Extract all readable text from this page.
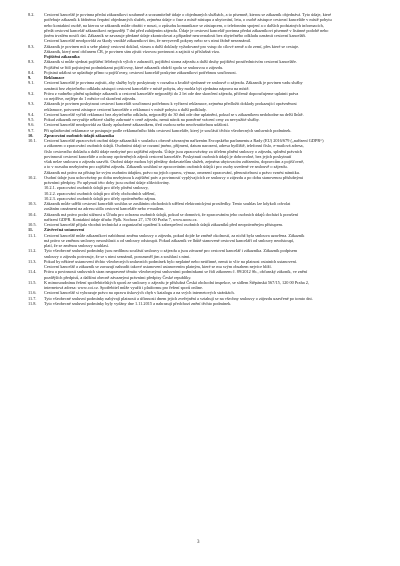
8.2. Cestovní kancelář je povinna předat zákazníkovi souhrnně a srozumitelně údaje o objednaných službách, a to písemně, kterou se zákazník objednává. Tyto údaje, které
potřebuje zákazník k řádnému čerpání objednaných služeb, zejména údaje o čase a místě nástupu a ubytování, letu, o osobě zástupce cestovní kanceláře v místě pobytu
nebo kontaktní osobě, na kterou se zákazník může obrátit v nouzi, o způsobu komunikace se zástupcem, o telefonním spojení a o dalších podstatných informacích,
předá cestovní kancelář zákazníkovi nejpozději 7 dní před zahájením zájezdu. Údaje je cestovní kancelář povinna předat zákazníkovi písemně v listinné podobě nebo
jiném trvalém nosiči dat. Zákazník se zavazuje předané údaje zkontrolovat a případné nesrovnalosti bez zbytečného odkladu oznámit cestovní kanceláři.
Cestovní kancelář neodpovídá za škody vzniklé zákazníkovi tím, že nevyzvedl pokyny nebo se s nimi řádně neseznámil.
8.3. Zákazník je povinen mít u sebe platný cestovní doklad, vízum a další doklady vyžadované pro vstup do cílové země a do zemí, přes které se cestuje.
Zákazník, který není občanem ČR, je povinen sám zjistit vízovou povinnost a zajistit si příslušná víza.
Pojištění zákazníka
8.3. Zákazník si může sjednat pojištění léčebných výloh v zahraničí, pojištění storna zájezdu a další druhy pojištění prostřednictvím cestovní kanceláře.
Pojištění se řídí pojistnými podmínkami pojišťovny, které zákazník obdrží spolu se smlouvou o zájezdu.
8.4. Pojistná událost se uplatňuje přímo u pojišťovny, cestovní kancelář poskytne zákazníkovi potřebnou součinnost.
9.	Reklamace
9.1. Cestovní kancelář je povinna zajistit, aby služby byly poskytnuty v rozsahu a kvalitě sjednané ve smlouvě o zájezdu. Zákazník je povinen vadu služby
oznámit bez zbytečného odkladu zástupci cestovní kanceláře v místě pobytu, aby mohla být zjednána náprava na místě.
9.2. Práva z vadného plnění uplatňuje zákazník u cestovní kanceláře nejpozději do 2 let ode dne skončení zájezdu, přičemž doporučujeme uplatnit práva
co nejdříve, nejlépe do 1 měsíce od skončení zájezdu.
9.3. Zákazník je povinen poskytnout cestovní kanceláři součinnost potřebnou k vyřízení reklamace, zejména předložit doklady prokazující oprávněnost
reklamace, potvrzení zástupce cestovní kanceláře o reklamaci v místě pobytu a další podklady.
9.4. Cestovní kancelář vyřídí reklamaci bez zbytečného odkladu, nejpozději do 30 dnů ode dne uplatnění, pokud se s zákazníkem nedohodne na delší lhůtě.
9.5. Pokud zákazník nevyužije některé služby zahrnuté v ceně zájezdu, nemá nárok na poměrné vrácení ceny za nevyužité služby.
9.6. Cestovní kancelář neodpovídá za škody způsobené zákazníkem, třetí osobou nebo neodvratitelnou událostí.
9.7. Při uplatňování reklamace se postupuje podle reklamačního řádu cestovní kanceláře, který je součástí těchto všeobecných smluvních podmínek.
10. Zpracování osobních údajů zákazníka
10.1. Cestovní kancelář zpracovává osobní údaje zákazníků v souladu s obecně závazným nařízením Evropského parlamentu a Rady (EU) 2016/679 („nařízení GDPR“)
a zákonem o zpracování osobních údajů. Osobními údaji se rozumí jméno, příjmení, datum narození, adresa bydliště, telefonní číslo, e-mailová adresa,
číslo cestovního dokladu a další údaje nezbytné pro zajištění zájezdu. Údaje jsou zpracovávány za účelem plnění smlouvy o zájezdu, splnění právních
povinností cestovní kanceláře a ochrany oprávněných zájmů cestovní kanceláře. Poskytnutí osobních údajů je dobrovolné, bez jejich poskytnutí
však nelze smlouvu o zájezdu uzavřít. Osobní údaje mohou být předány dodavatelům služeb, zejména ubytovacím zařízením, dopravcům a pojišťovně,
a to v rozsahu nezbytném pro zajištění zájezdu. Zákazník souhlasí se zpracováním osobních údajů i pro osoby uvedené ve smlouvě o zájezdu.
Zákazník má právo na přístup ke svým osobním údajům, právo na jejich opravu, výmaz, omezení zpracování, přenositelnost a právo vznést námitku.
10.2. Osobní údaje jsou uchovávány po dobu nezbytnou k zajištění práv a povinností vyplývajících ze smlouvy o zájezdu a po dobu stanovenou příslušnými
právními předpisy. Po uplynutí této doby jsou osobní údaje zlikvidovány.
10.2.1. zpracování osobních údajů pro účely plnění smlouvy,
10.2.2. zpracování osobních údajů pro účely obchodních sdělení,
10.2.3. zpracování osobních údajů pro účely oprávněného zájmu.
10.3. Zákazník může udělit cestovní kanceláři souhlas se zasíláním obchodních sdělení elektronickými prostředky. Tento souhlas lze kdykoli odvolat
zasláním oznámení na adresu sídla cestovní kanceláře nebo e-mailem.
10.4. Zákazník má právo podat stížnost u Úřadu pro ochranu osobních údajů, pokud se domnívá, že zpracováním jeho osobních údajů dochází k porušení
nařízení GDPR. Kontaktní údaje úřadu: Pplk. Sochora 27, 170 00 Praha 7, www.uoou.cz.
10.5. Cestovní kancelář přijala vhodná technická a organizační opatření k zabezpečení osobních údajů zákazníků před neoprávněným přístupem.
11.	Závěrečná ustanovení
11.1. Cestovní kancelář může zákazníkovi nabídnout změnu smlouvy o zájezdu, pokud dojde ke změně okolností, za nichž byla smlouva uzavřena. Zákazník
má právo se změnou smlouvy nesouhlasit a od smlouvy odstoupit. Pokud zákazník ve lhůtě stanovené cestovní kanceláří od smlouvy neodstoupí,
platí, že se změnou smlouvy souhlasí.
11.2. Tyto všeobecné smluvní podmínky jsou nedílnou součástí smlouvy o zájezdu a jsou závazné pro cestovní kancelář i zákazníka. Zákazník podpisem
smlouvy o zájezdu potvrzuje, že se s nimi seznámil, porozuměl jim a souhlasí s nimi.
11.3. Pokud by některé ustanovení těchto všeobecných smluvních podmínek bylo neplatné nebo neúčinné, nemá to vliv na platnost ostatních ustanovení.
Cestovní kancelář a zákazník se zavazují nahradit takové ustanovení ustanovením platným, které se mu svým obsahem nejvíce blíží.
11.4. Práva a povinnosti smluvních stran neupravené těmito všeobecnými smluvními podmínkami se řídí zákonem č. 89/2012 Sb., občanský zákoník, ve znění
pozdějších předpisů, a dalšími obecně závaznými právními předpisy České republiky.
11.5. K mimosoudnímu řešení spotřebitelských sporů ze smlouvy o zájezdu je příslušná Česká obchodní inspekce, se sídlem Štěpánská 567/15, 120 00 Praha 2,
internetová adresa: www.coi.cz. Spotřebitel může využít i platformu pro řešení sporů online.
11.6. Cestovní kancelář si vyhrazuje právo na opravu tiskových chyb v katalogu a na svých internetových stránkách.
11.7. Tyto všeobecné smluvní podmínky nabývají platnosti a účinnosti dnem jejich zveřejnění a vztahují se na všechny smlouvy o zájezdu uzavřené po tomto dni.
11.8. Tyto všeobecné smluvní podmínky byly vydány dne 1.11.2015 a nahrazují předchozí znění těchto podmínek.
3
